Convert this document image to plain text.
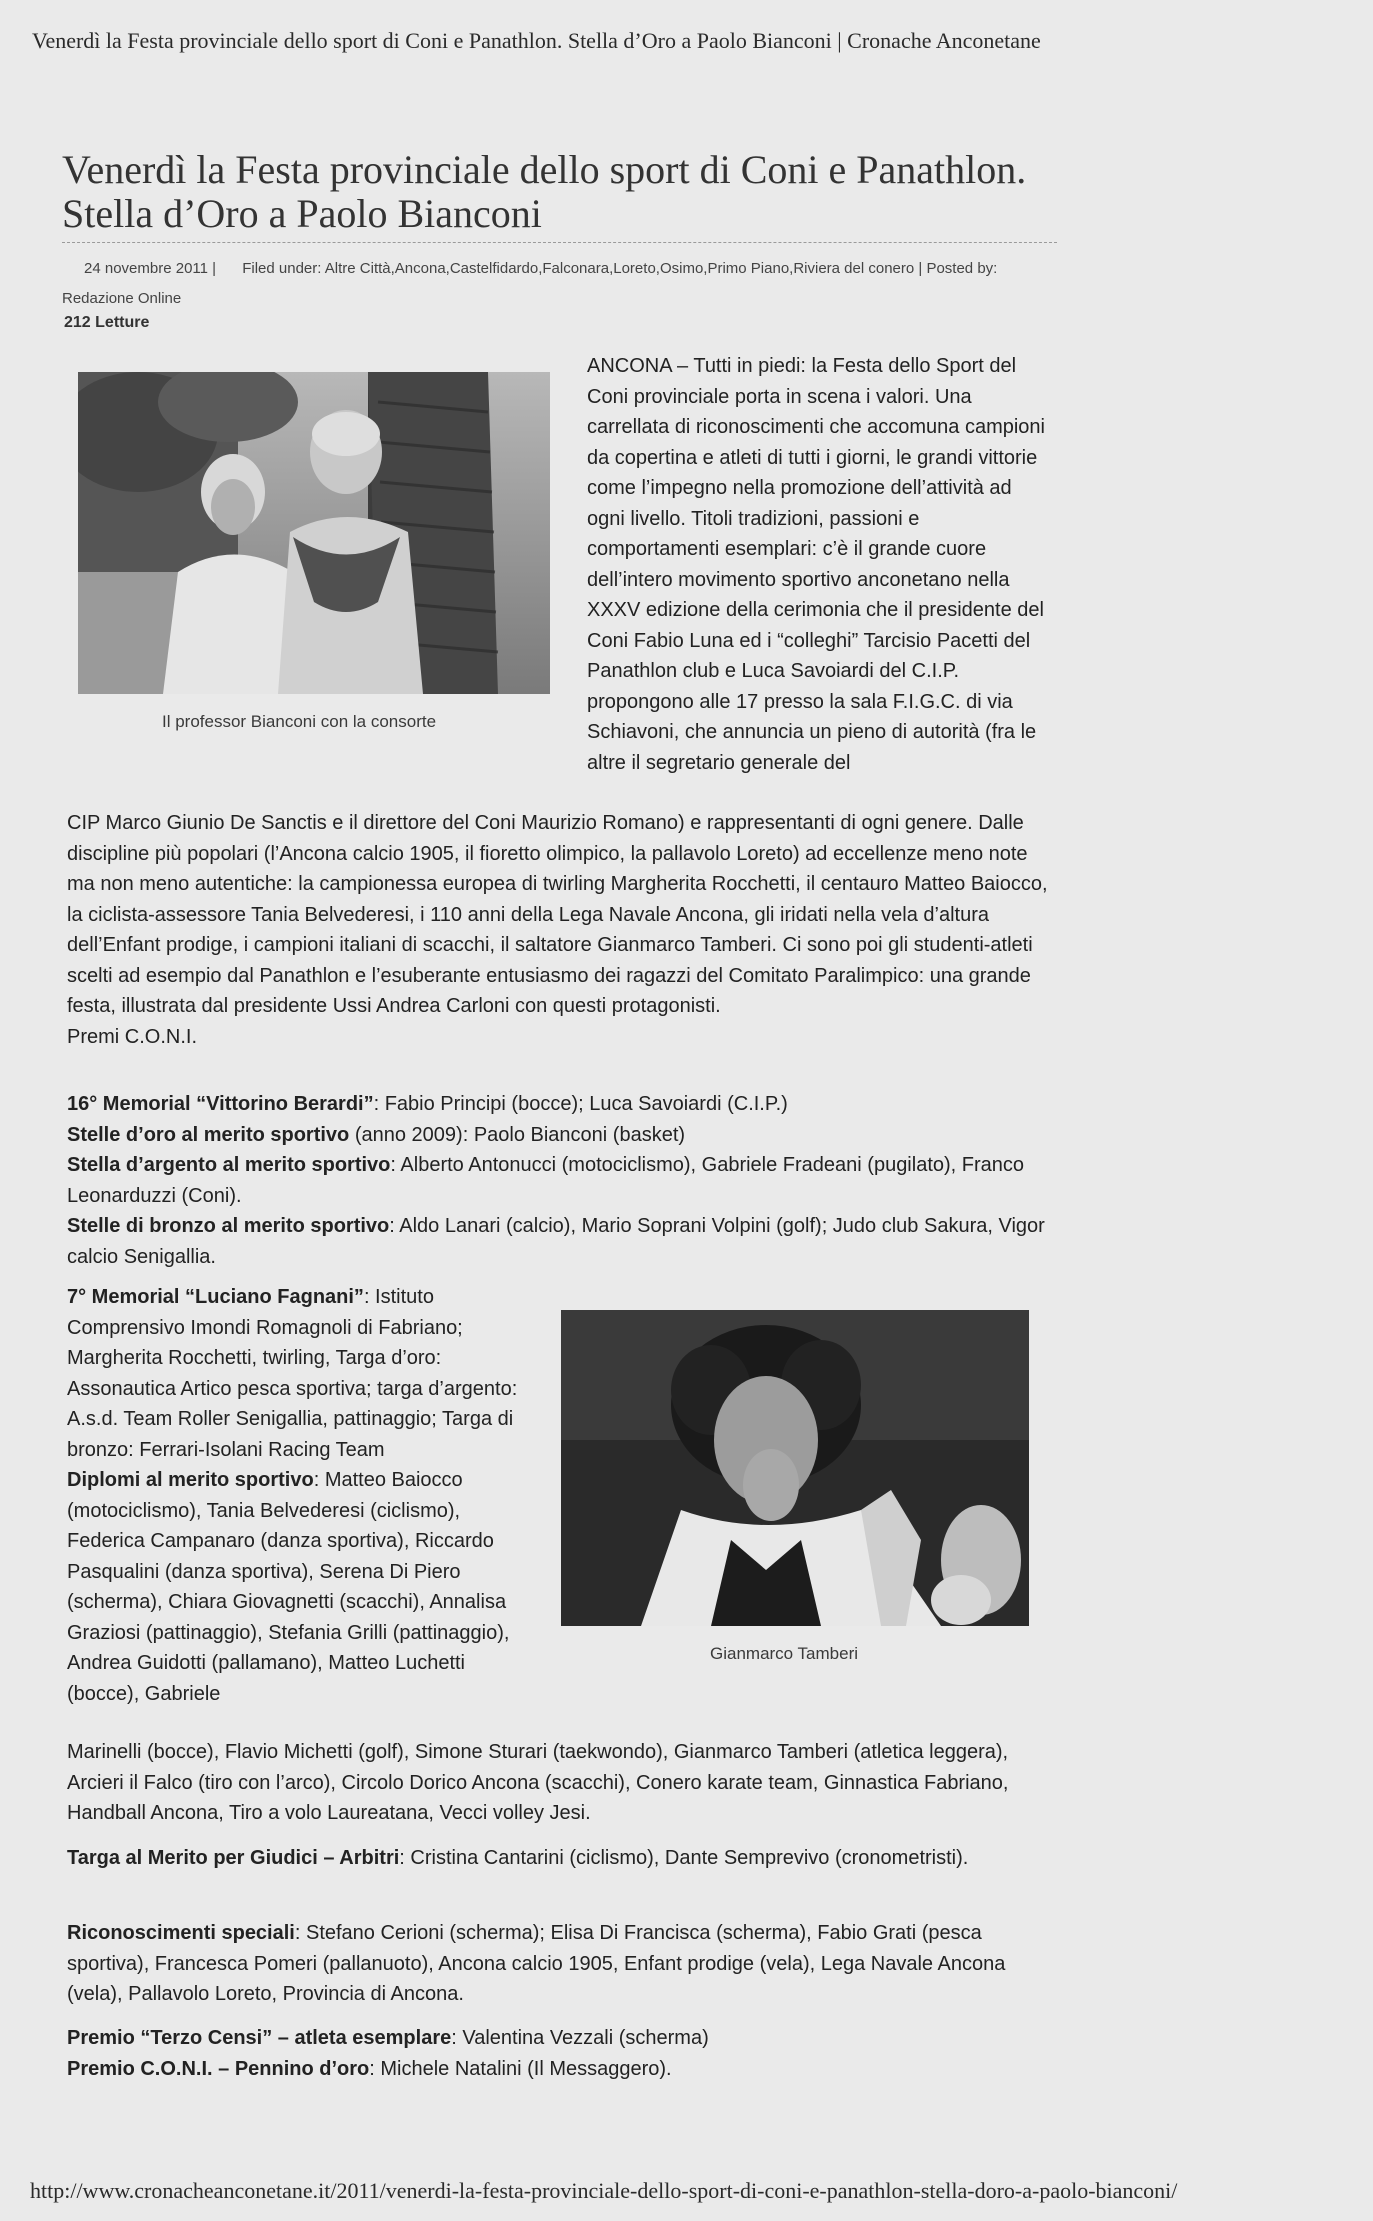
Venerdì la Festa provinciale dello sport di Coni e Panathlon. Stella d’Oro a Paolo Bianconi | Cronache Anconetane
Venerdì la Festa provinciale dello sport di Coni e Panathlon. Stella d’Oro a Paolo Bianconi
24 novembre 2011 | Filed under: Altre Città,Ancona,Castelfidardo,Falconara,Loreto,Osimo,Primo Piano,Riviera del conero | Posted by: Redazione Online
212 Letture
Il professor Bianconi con la consorte
ANCONA – Tutti in piedi: la Festa dello Sport del Coni provinciale porta in scena i valori. Una carrellata di riconoscimenti che accomuna campioni da copertina e atleti di tutti i giorni, le grandi vittorie come l’impegno nella promozione dell’attività ad ogni livello. Titoli tradizioni, passioni e comportamenti esemplari: c’è il grande cuore dell’intero movimento sportivo anconetano nella XXXV edizione della cerimonia che il presidente del Coni Fabio Luna ed i “colleghi” Tarcisio Pacetti del Panathlon club e Luca Savoiardi del C.I.P. propongono alle 17 presso la sala F.I.G.C. di via Schiavoni, che annuncia un pieno di autorità (fra le altre il segretario generale del

CIP Marco Giunio De Sanctis e il direttore del Coni Maurizio Romano) e rappresentanti di ogni genere. Dalle discipline più popolari (l’Ancona calcio 1905, il fioretto olimpico, la pallavolo Loreto) ad eccellenze meno note ma non meno autentiche: la campionessa europea di twirling Margherita Rocchetti, il centauro Matteo Baiocco, la ciclista-assessore Tania Belvederesi, i 110 anni della Lega Navale Ancona, gli iridati nella vela d’altura dell’Enfant prodige, i campioni italiani di scacchi, il saltatore Gianmarco Tamberi. Ci sono poi gli studenti-atleti scelti ad esempio dal Panathlon e l’esuberante entusiasmo dei ragazzi del Comitato Paralimpico: una grande festa, illustrata dal presidente Ussi Andrea Carloni con questi protagonisti.

Premi C.O.N.I.

16° Memorial “Vittorino Berardi”: Fabio Principi (bocce); Luca Savoiardi (C.I.P.)

Stelle d’oro al merito sportivo (anno 2009): Paolo Bianconi (basket)

Stella d’argento al merito sportivo: Alberto Antonucci (motociclismo), Gabriele Fradeani (pugilato), Franco Leonarduzzi (Coni).

Stelle di bronzo al merito sportivo: Aldo Lanari (calcio), Mario Soprani Volpini (golf); Judo club Sakura, Vigor calcio Senigallia.

7° Memorial “Luciano Fagnani”: Istituto Comprensivo Imondi Romagnoli di Fabriano; Margherita Rocchetti, twirling, Targa d’oro: Assonautica Artico pesca sportiva; targa d’argento: A.s.d. Team Roller Senigallia, pattinaggio; Targa di bronzo: Ferrari-Isolani Racing Team

Diplomi al merito sportivo: Matteo Baiocco (motociclismo), Tania Belvederesi (ciclismo), Federica Campanaro (danza sportiva), Riccardo Pasqualini (danza sportiva), Serena Di Piero (scherma), Chiara Giovagnetti (scacchi), Annalisa Graziosi (pattinaggio), Stefania Grilli (pattinaggio), Andrea Guidotti (pallamano), Matteo Luchetti (bocce), Gabriele

Gianmarco Tamberi
Marinelli (bocce), Flavio Michetti (golf), Simone Sturari (taekwondo), Gianmarco Tamberi (atletica leggera), Arcieri il Falco (tiro con l’arco), Circolo Dorico Ancona (scacchi), Conero karate team, Ginnastica Fabriano, Handball Ancona, Tiro a volo Laureatana, Vecci volley Jesi.
Targa al Merito per Giudici – Arbitri: Cristina Cantarini (ciclismo), Dante Semprevivo (cronometristi).
Riconoscimenti speciali: Stefano Cerioni (scherma); Elisa Di Francisca (scherma), Fabio Grati (pesca sportiva), Francesca Pomeri (pallanuoto), Ancona calcio 1905, Enfant prodige (vela), Lega Navale Ancona (vela), Pallavolo Loreto, Provincia di Ancona.

Premio “Terzo Censi” – atleta esemplare: Valentina Vezzali (scherma)

Premio C.O.N.I. – Pennino d’oro: Michele Natalini (Il Messaggero).

http://www.cronacheanconetane.it/2011/venerdi-la-festa-provinciale-dello-sport-di-coni-e-panathlon-stella-doro-a-paolo-bianconi/
